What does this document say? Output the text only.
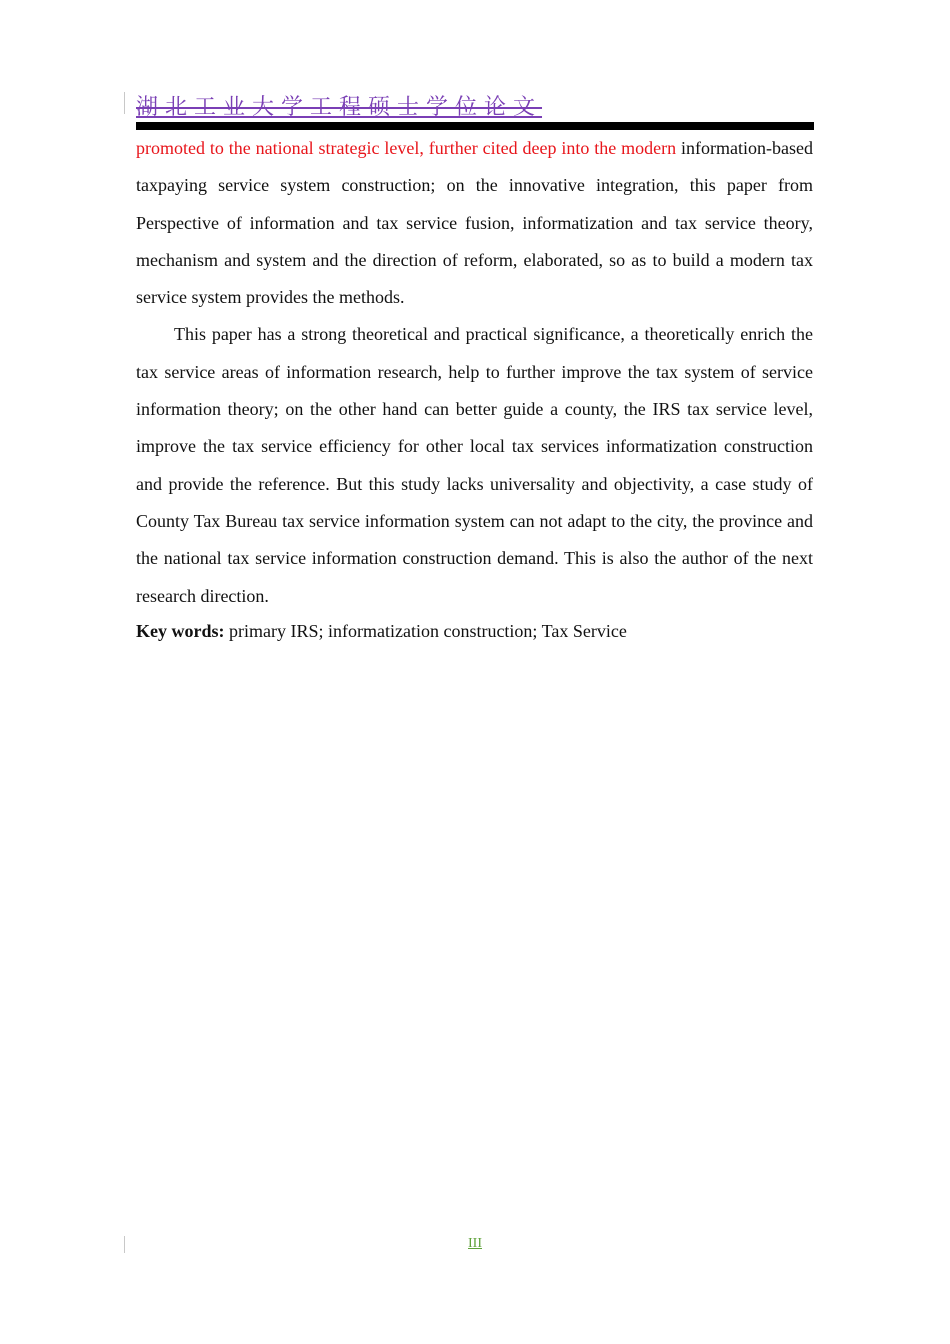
湖北工业大学工程硕士学位论文

promoted to the national strategic level, further cited deep into the modern information-based taxpaying service system construction; on the innovative integration, this paper from Perspective of information and tax service fusion, informatization and tax service theory, mechanism and system and the direction of reform, elaborated, so as to build a modern tax service system provides the methods.

This paper has a strong theoretical and practical significance, a theoretically enrich the tax service areas of information research, help to further improve the tax system of service information theory; on the other hand can better guide a county, the IRS tax service level, improve the tax service efficiency for other local tax services informatization construction and provide the reference. But this study lacks universality and objectivity, a case study of County Tax Bureau tax service information system can not adapt to the city, the province and the national tax service information construction demand. This is also the author of the next research direction.

Key words: primary IRS; informatization construction; Tax Service
III
